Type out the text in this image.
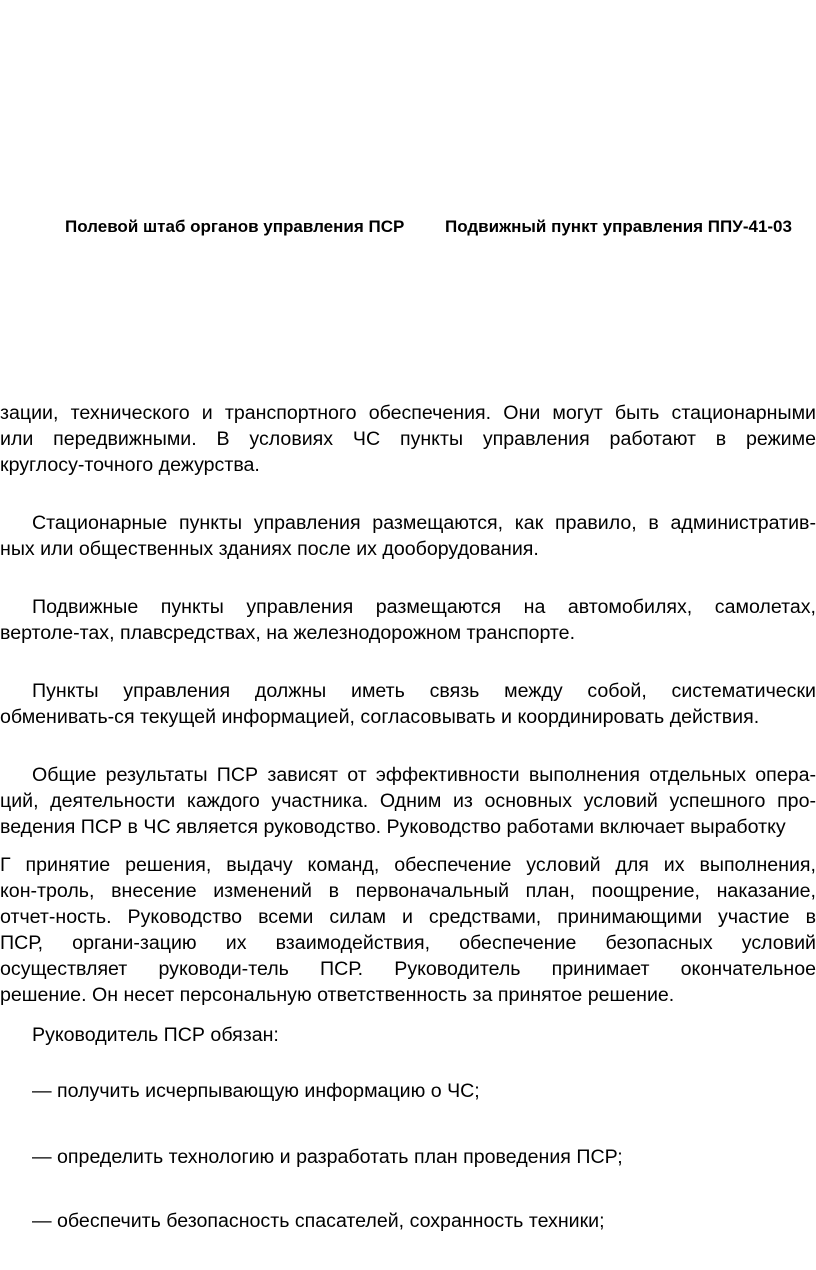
Полевой штаб органов управления ПСР Подвижный пункт управления ППУ-41-03

зации, технического и транспортного обеспечения. Они могут быть стационарными

или передвижными. В условиях ЧС пункты управления работают в режиме

круглосу-точного дежурства.

Стационарные пункты управления размещаются, как правило, в административ-

ных или общественных зданиях после их дооборудования.

Подвижные пункты управления размещаются на автомобилях, самолетах,

вертоле-тах, плавсредствах, на железнодорожном транспорте.

Пункты управления должны иметь связь между собой, систематически

обменивать-ся текущей информацией, согласовывать и координировать действия.

Общие результаты ПСР зависят от эффективности выполнения отдельных опера-

ций, деятельности каждого участника. Одним из основных условий успешного про-

ведения ПСР в ЧС является руководство. Руководство работами включает выработку

Г принятие решения, выдачу команд, обеспечение условий для их выполнения,

кон-троль, внесение изменений в первоначальный план, поощрение, наказание,

отчет-ность. Руководство всеми силам и средствами, принимающими участие в

ПСР, органи-зацию их взаимодействия, обеспечение безопасных условий

осуществляет руководи-тель ПСР. Руководитель принимает окончательное

решение. Он несет персональную ответственность за принятое решение.

Руководитель ПСР обязан:

— получить исчерпывающую информацию о ЧС;

— определить технологию и разработать план проведения ПСР;

— обеспечить безопасность спасателей, сохранность техники;
